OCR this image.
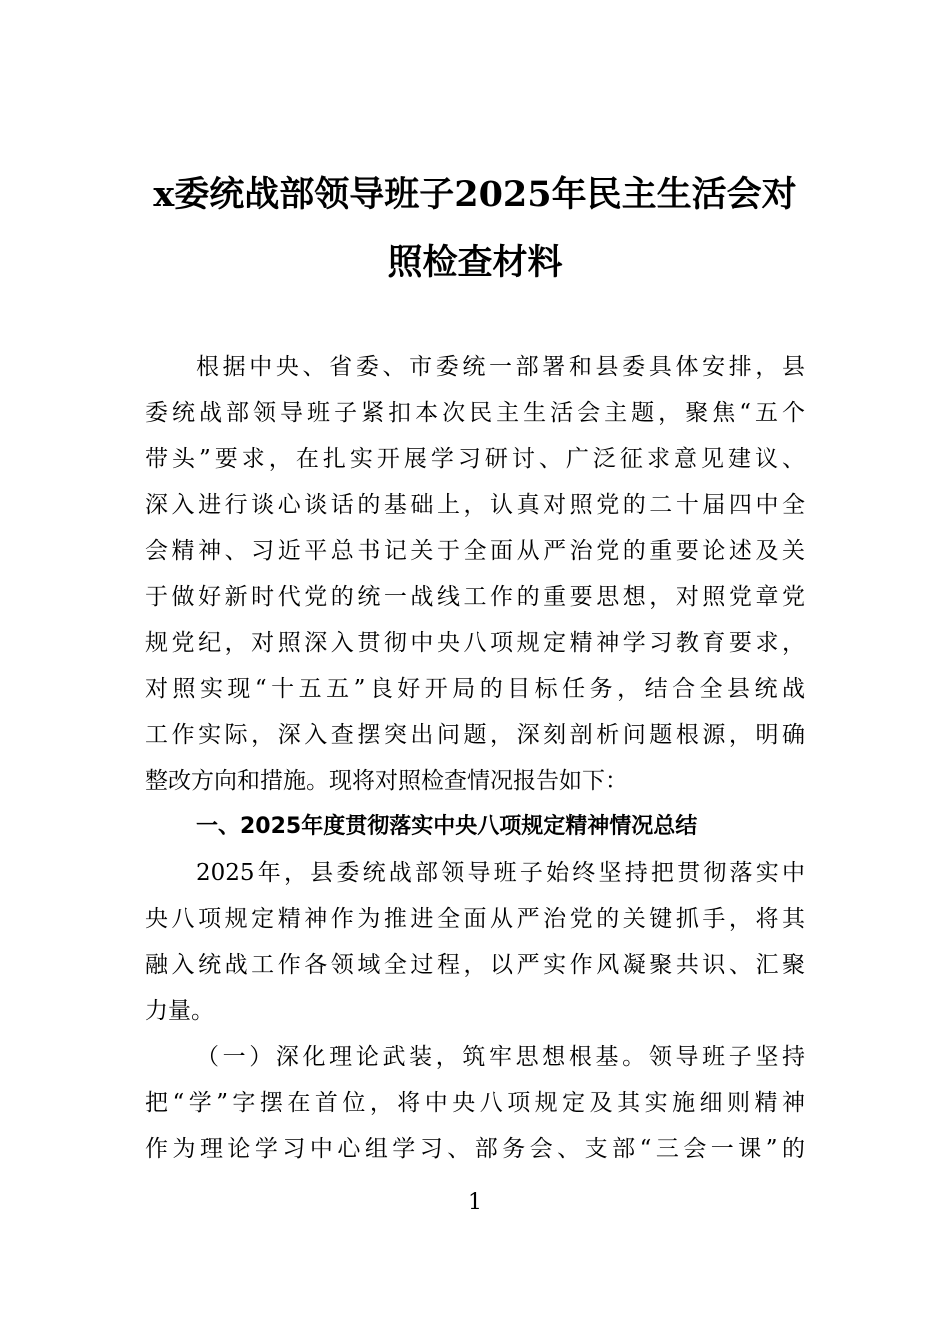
x委统战部领导班子2025年民主生活会对
照检查材料
根据中央、省委、市委统一部署和县委具体安排，县
委统战部领导班子紧扣本次民主生活会主题，聚焦“五个
带头”要求，在扎实开展学习研讨、广泛征求意见建议、
深入进行谈心谈话的基础上，认真对照党的二十届四中全
会精神、习近平总书记关于全面从严治党的重要论述及关
于做好新时代党的统一战线工作的重要思想，对照党章党
规党纪，对照深入贯彻中央八项规定精神学习教育要求，
对照实现“十五五”良好开局的目标任务，结合全县统战
工作实际，深入查摆突出问题，深刻剖析问题根源，明确
整改方向和措施。现将对照检查情况报告如下：
一、2025年度贯彻落实中央八项规定精神情况总结
2025年，县委统战部领导班子始终坚持把贯彻落实中
央八项规定精神作为推进全面从严治党的关键抓手，将其
融入统战工作各领域全过程，以严实作风凝聚共识、汇聚
力量。
（一）深化理论武装，筑牢思想根基。领导班子坚持
把“学”字摆在首位，将中央八项规定及其实施细则精神
作为理论学习中心组学习、部务会、支部“三会一课”的
1
